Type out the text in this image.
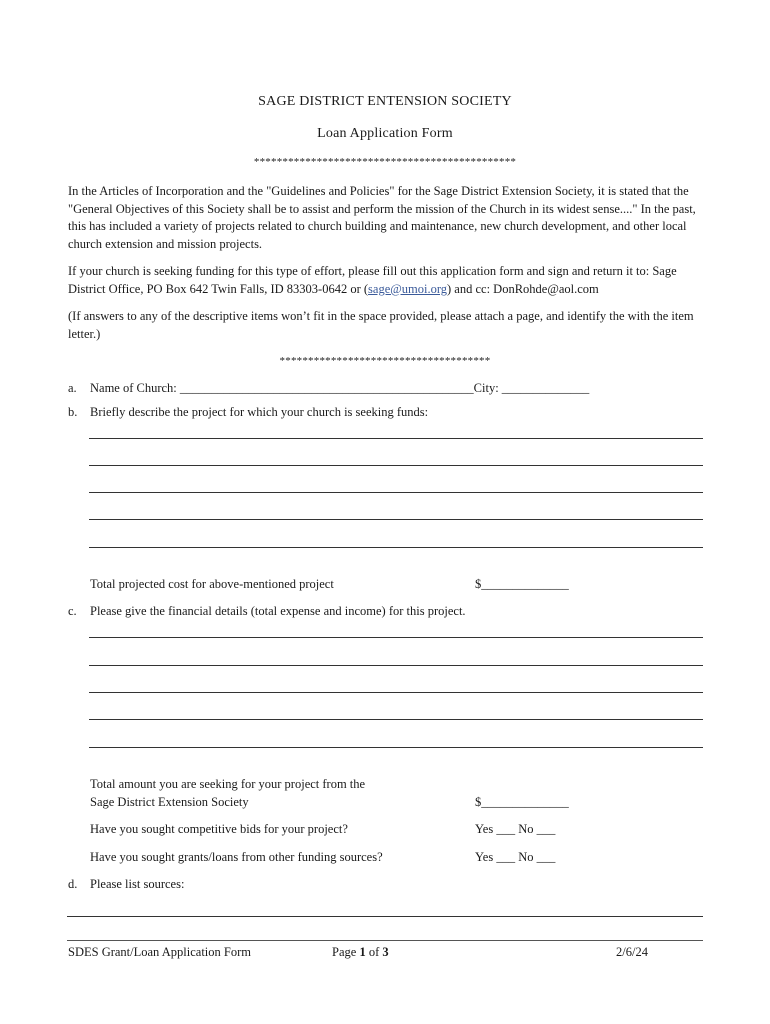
SAGE DISTRICT ENTENSION SOCIETY
Loan Application Form
**********************************************
In the Articles of Incorporation and the "Guidelines and Policies" for the Sage District Extension Society, it is stated that the "General Objectives of this Society shall be to assist and perform the mission of the Church in its widest sense...." In the past, this has included a variety of projects related to church building and maintenance, new church development, and other local church extension and mission projects.
If your church is seeking funding for this type of effort, please fill out this application form and sign and return it to: Sage District Office, PO Box 642 Twin Falls, ID 83303-0642 or (sage@umoi.org) and cc: DonRohde@aol.com
(If answers to any of the descriptive items won’t fit in the space provided, please attach a page, and identify the with the item letter.)
*************************************
a. Name of Church: _______________________________________________City: ______________
b. Briefly describe the project for which your church is seeking funds:
Total projected cost for above-mentioned project	$______________
c. Please give the financial details (total expense and income) for this project.
Total amount you are seeking for your project from the
Sage District Extension Society	$______________
Have you sought competitive bids for your project?	Yes ___ No ___
Have you sought grants/loans from other funding sources?	Yes ___ No ___
d. Please list sources:
SDES Grant/Loan Application Form	Page 1 of 3	2/6/24
